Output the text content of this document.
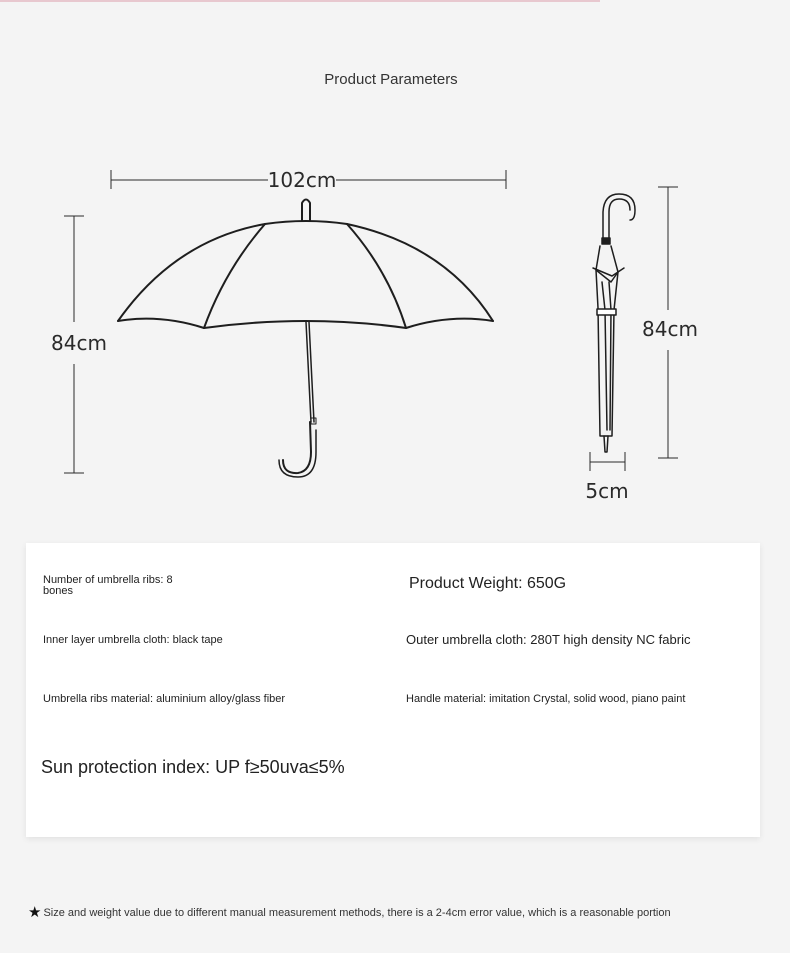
Product Parameters
102cm
84cm
84cm
5cm
Number of umbrella ribs: 8 bones	Product Weight: 650G
Inner layer umbrella cloth: black tape	Outer umbrella cloth: 280T high density NC fabric
Umbrella ribs material: aluminium alloy/glass fiber	Handle material: imitation Crystal, solid wood, piano paint
Sun protection index: UP f≥50uva≤5%
★ Size and weight value due to different manual measurement methods, there is a 2-4cm error value, which is a reasonable portion
